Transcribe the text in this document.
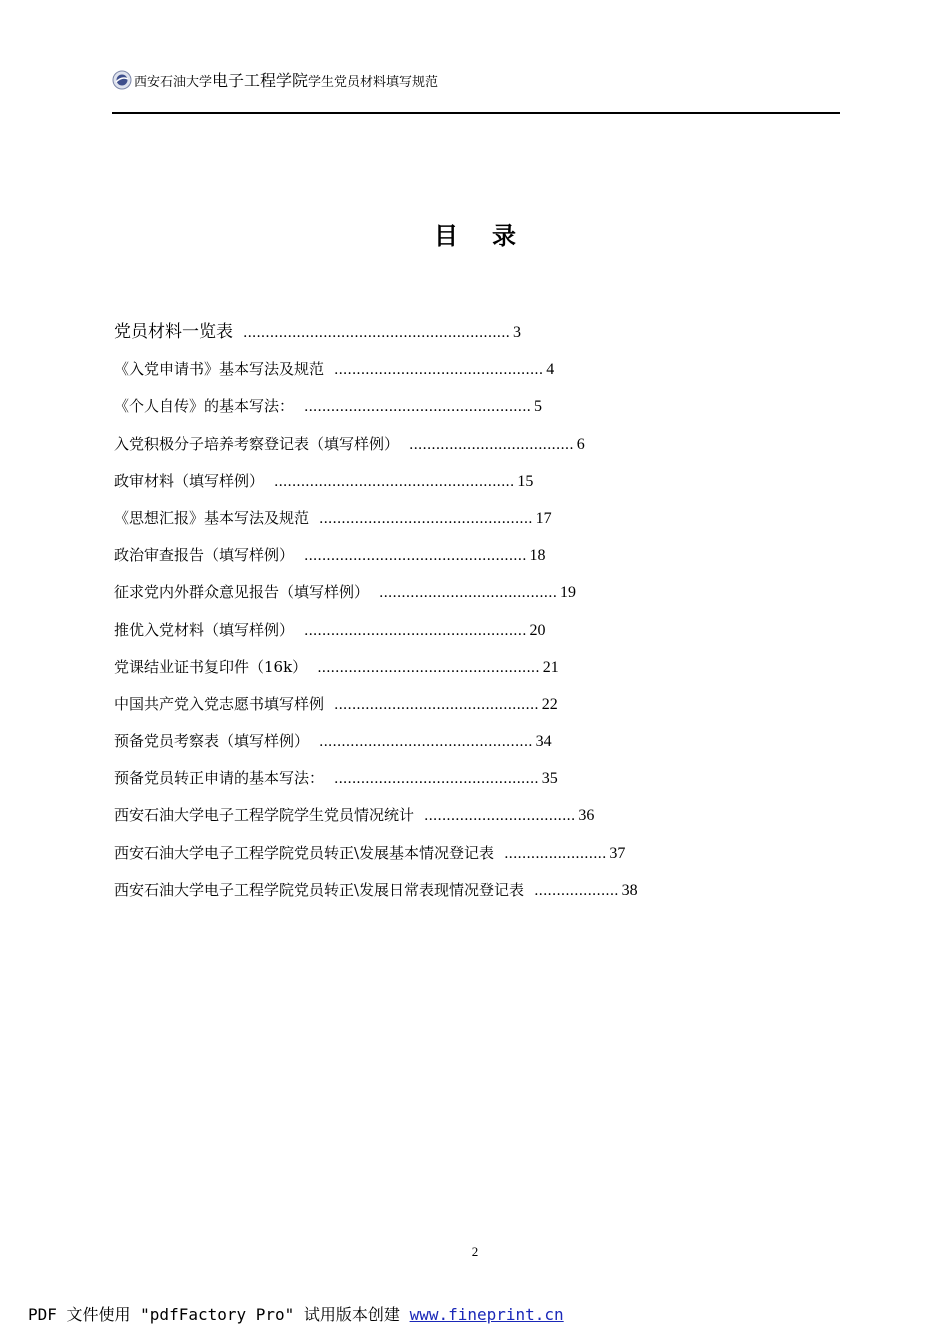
西安石油大学电子工程学院学生党员材料填写规范
目录
党员材料一览表 ............................................................ 3
《入党申请书》基本写法及规范 ............................................... 4
《个人自传》的基本写法： ................................................... 5
入党积极分子培养考察登记表（填写样例） ..................................... 6
政审材料（填写样例） ...................................................... 15
《思想汇报》基本写法及规范 ................................................ 17
政治审查报告（填写样例） .................................................. 18
征求党内外群众意见报告（填写样例） ........................................ 19
推优入党材料（填写样例） .................................................. 20
党课结业证书复印件（16k） .................................................. 21
中国共产党入党志愿书填写样例 .............................................. 22
预备党员考察表（填写样例） ................................................ 34
预备党员转正申请的基本写法： .............................................. 35
西安石油大学电子工程学院学生党员情况统计 .................................. 36
西安石油大学电子工程学院党员转正\发展基本情况登记表 ....................... 37
西安石油大学电子工程学院党员转正\发展日常表现情况登记表 ................... 38
2
PDF 文件使用 "pdfFactory Pro" 试用版本创建 www.fineprint.cn
